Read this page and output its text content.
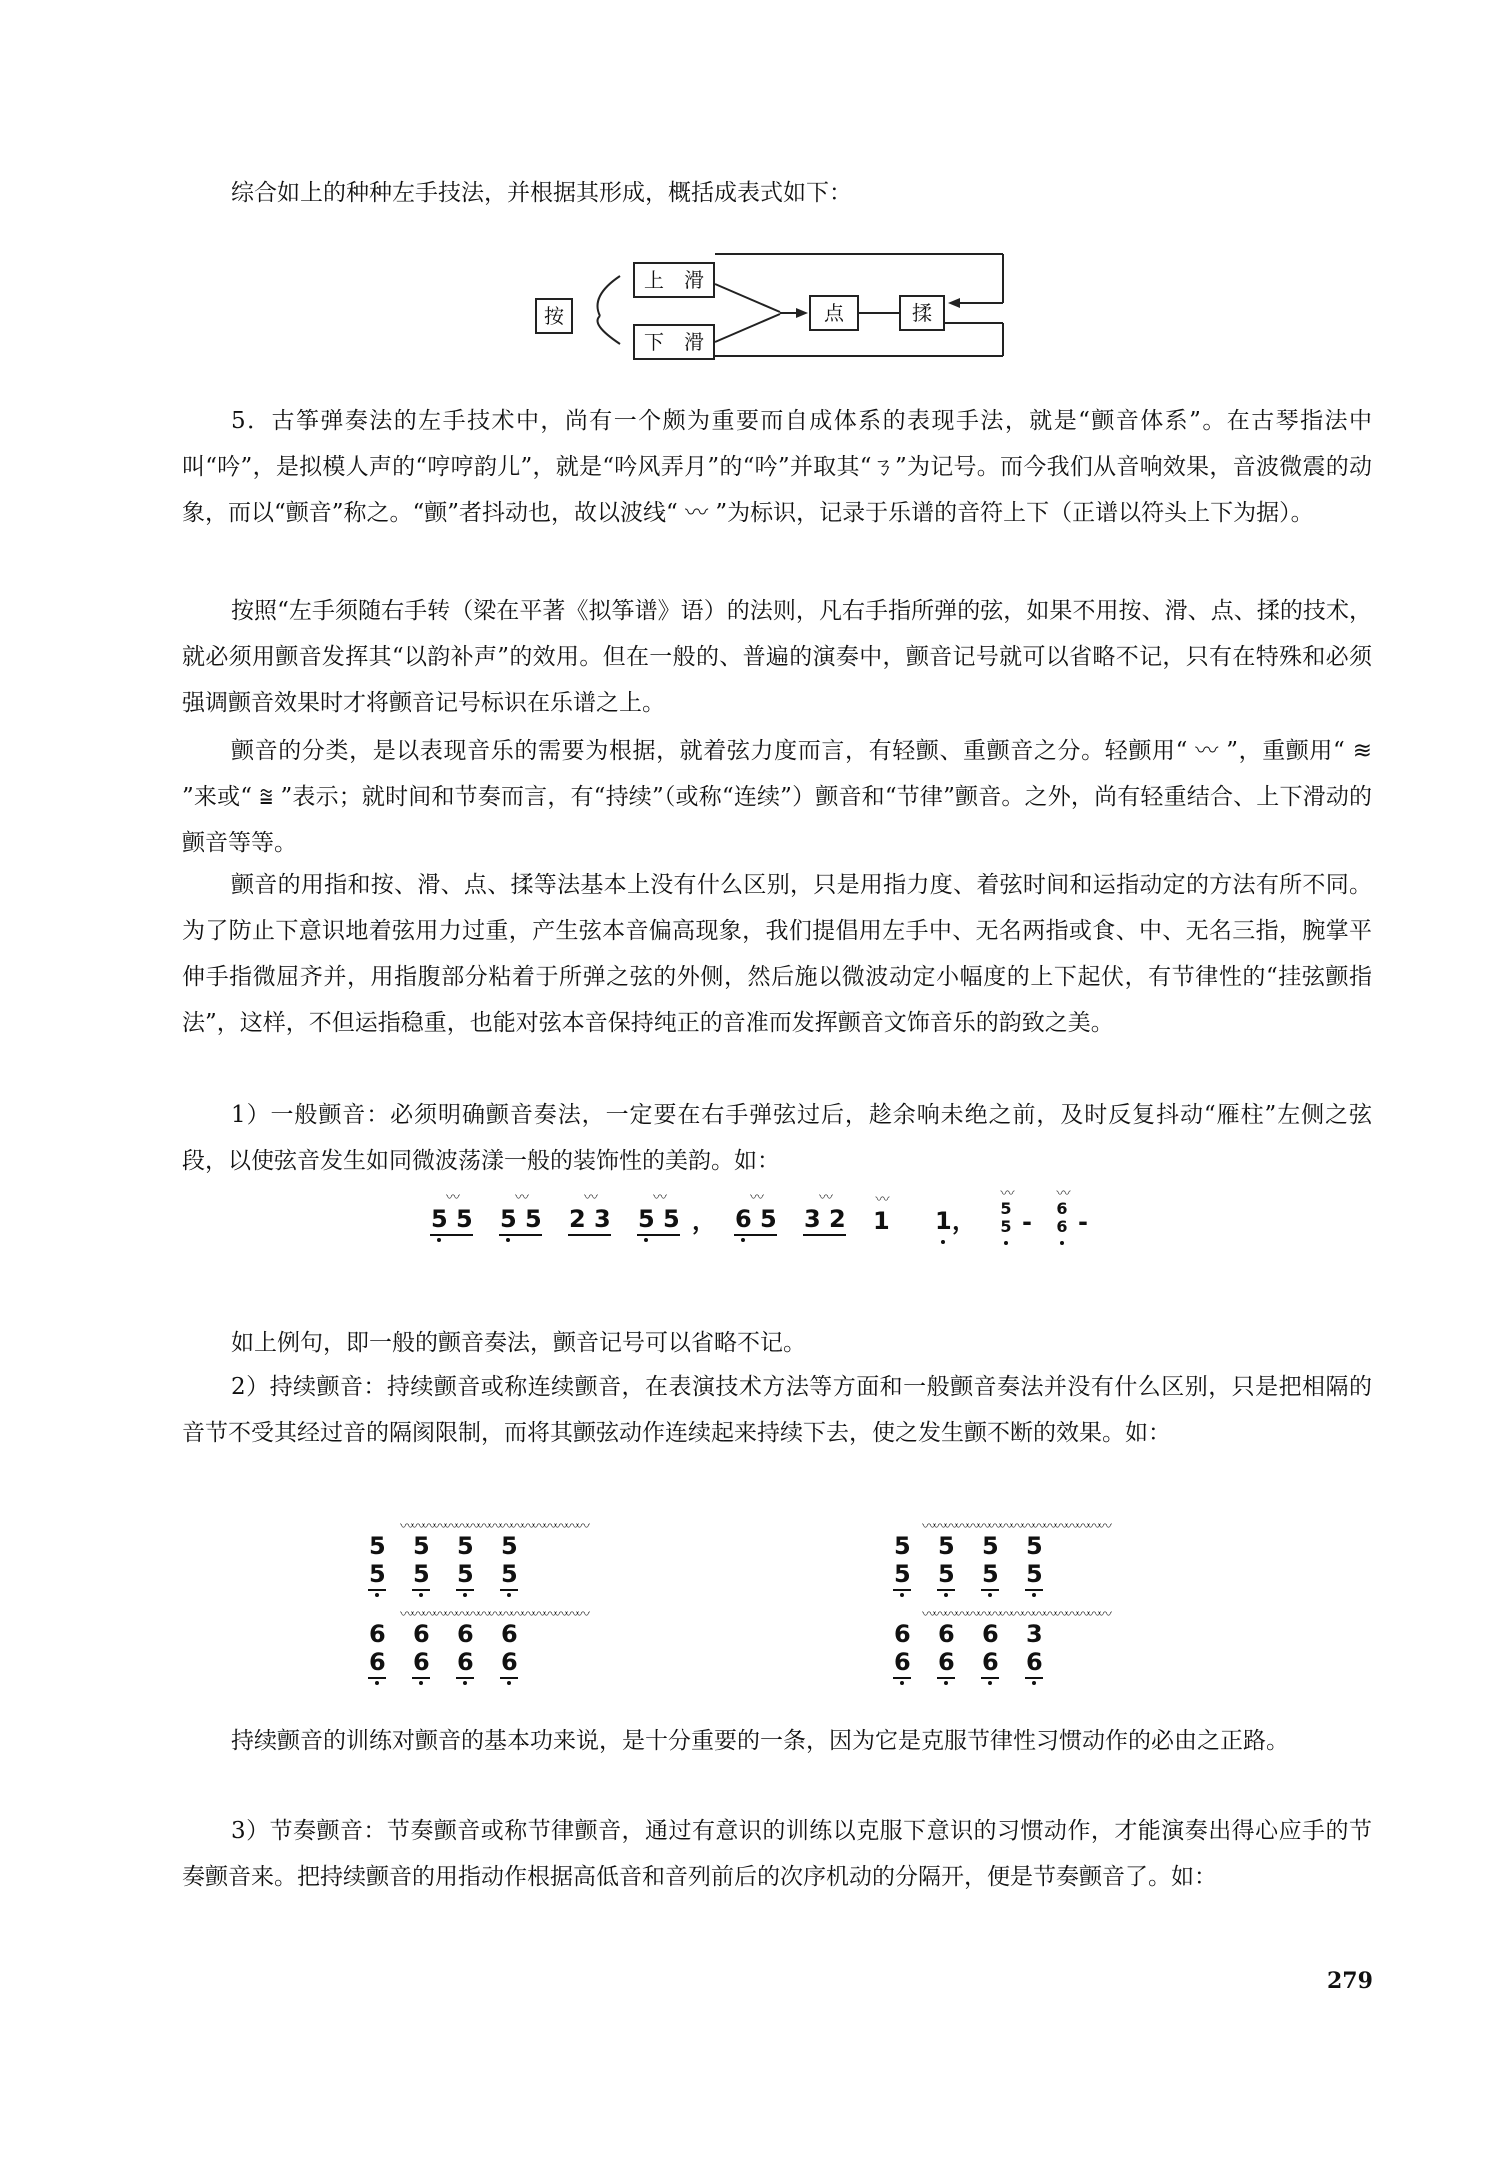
综合如上的种种左手技法，并根据其形成，概括成表式如下：

按
上　滑
下　滑
点	揉

5．古筝弹奏法的左手技术中，尚有一个颇为重要而自成体系的表现手法，就是“颤音体系”。在古琴指法中叫“吟”，是拟模人声的“哼哼韵儿”，就是“吟风弄月”的“吟”并取其“ㄋ”为记号。而今我们从音响效果，音波微震的动象，而以“颤音”称之。“颤”者抖动也，故以波线“ 〰 ”为标识，记录于乐谱的音符上下（正谱以符头上下为据）。

按照“左手须随右手转（梁在平著《拟筝谱》语）的法则，凡右手指所弹的弦，如果不用按、滑、点、揉的技术，就必须用颤音发挥其“以韵补声”的效用。但在一般的、普遍的演奏中，颤音记号就可以省略不记，只有在特殊和必须强调颤音效果时才将颤音记号标识在乐谱之上。

颤音的分类，是以表现音乐的需要为根据，就着弦力度而言，有轻颤、重颤音之分。轻颤用“ 〰 ”，重颤用“ ≋ ”来或“ ⩰ ”表示；就时间和节奏而言，有“持续”（或称“连续”）颤音和“节律”颤音。之外，尚有轻重结合、上下滑动的颤音等等。

颤音的用指和按、滑、点、揉等法基本上没有什么区别，只是用指力度、着弦时间和运指动定的方法有所不同。为了防止下意识地着弦用力过重，产生弦本音偏高现象，我们提倡用左手中、无名两指或食、中、无名三指，腕掌平伸手指微屈齐并，用指腹部分粘着于所弹之弦的外侧，然后施以微波动定小幅度的上下起伏，有节律性的“挂弦颤指法”，这样，不但运指稳重，也能对弦本音保持纯正的音准而发挥颤音文饰音乐的韵致之美。

1）一般颤音：必须明确颤音奏法，一定要在右手弹弦过后，趁余响未绝之前，及时反复抖动“雁柱”左侧之弦段，以使弦音发生如同微波荡漾一般的装饰性的美韵。如：

〰
5 5
〰
5 5
〰
2 3
〰
5 5 ，
〰
6 5
〰
3 2
〰
1 1 ，
〰
5
5 -
〰
6
6 -

如上例句，即一般的颤音奏法，颤音记号可以省略不记。

2）持续颤音：持续颤音或称连续颤音，在表演技术方法等方面和一般颤音奏法并没有什么区别，只是把相隔的音节不受其经过音的隔阂限制，而将其颤弦动作连续起来持续下去，使之发生颤不断的效果。如：

〰〰〰〰〰〰〰〰〰〰〰〰〰〰〰〰〰
5 5
5 5
5 5
5 5
〰〰〰〰〰〰〰〰〰〰〰〰〰〰〰〰〰
6 6
6 6
6 6
6 6
〰〰〰〰〰〰〰〰〰〰〰〰〰〰〰〰〰
5 5
5 5
5 5
5 5
〰〰〰〰〰〰〰〰〰〰〰〰〰〰〰〰〰
6 6
6 6
6 6
3 6

持续颤音的训练对颤音的基本功来说，是十分重要的一条，因为它是克服节律性习惯动作的必由之正路。

3）节奏颤音：节奏颤音或称节律颤音，通过有意识的训练以克服下意识的习惯动作，才能演奏出得心应手的节奏颤音来。把持续颤音的用指动作根据高低音和音列前后的次序机动的分隔开，便是节奏颤音了。如：

279
